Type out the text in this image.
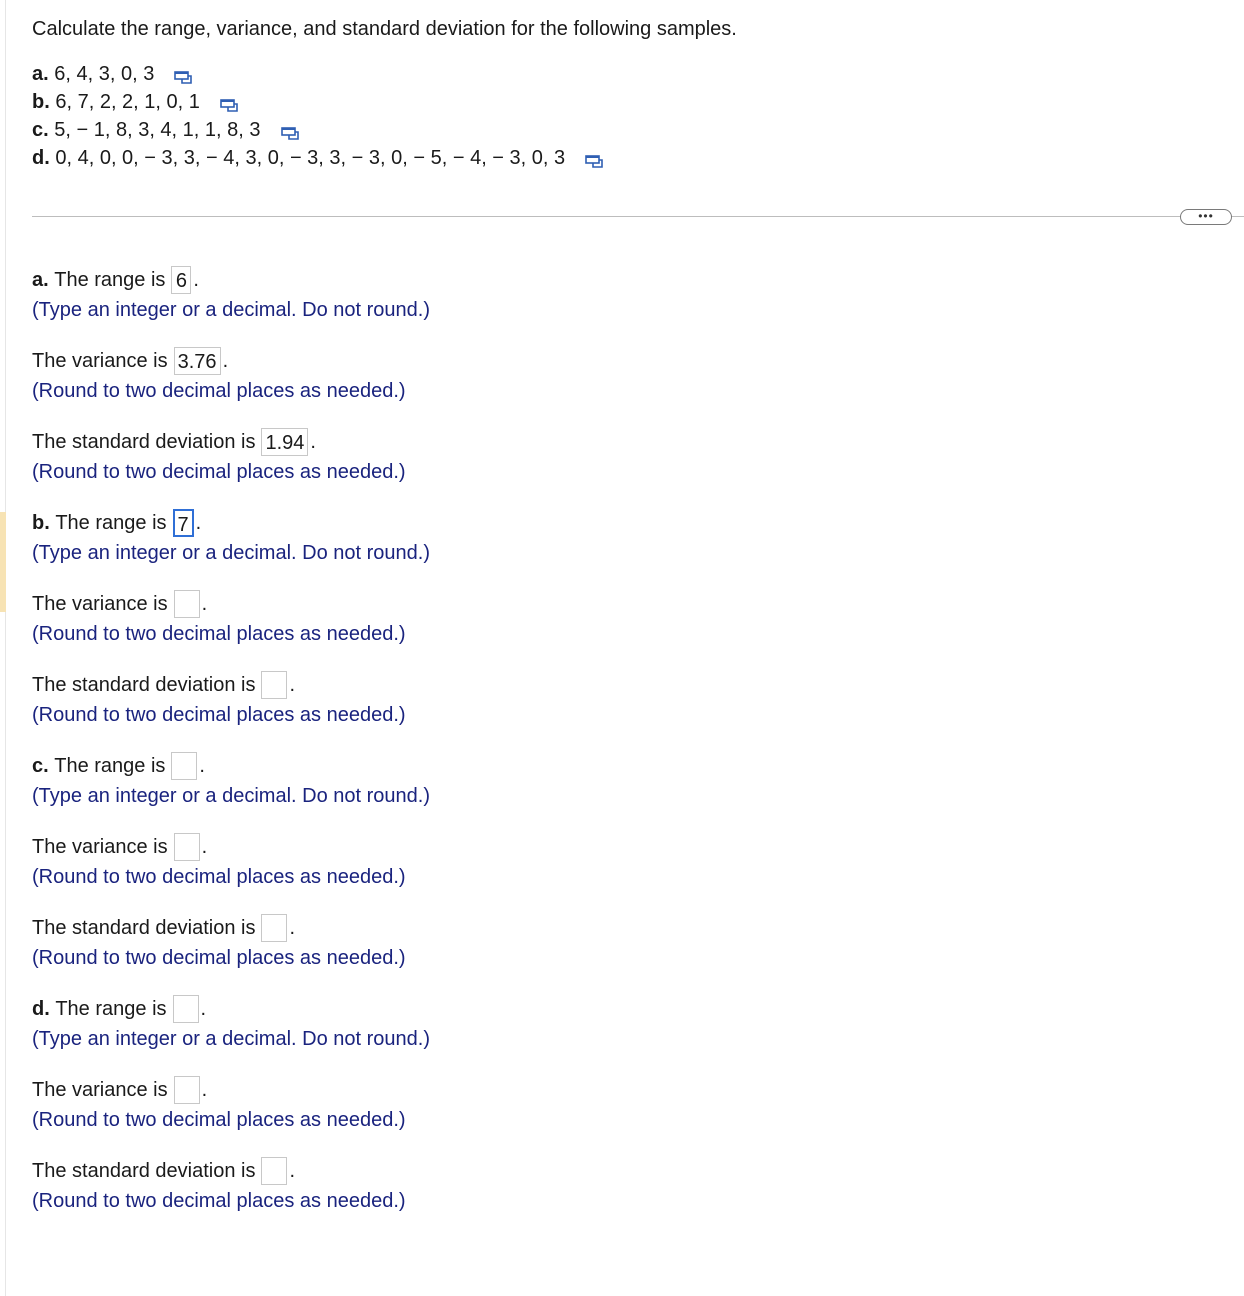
Calculate the range, variance, and standard deviation for the following samples.
a.
6, 4, 3, 0, 3
b.
6, 7, 2, 2, 1, 0, 1
c.
5, − 1, 8, 3, 4, 1, 1, 8, 3
d.
0, 4, 0, 0, − 3, 3, − 4, 3, 0, − 3, 3, − 3, 0, − 5, − 4, − 3, 0, 3
•••
a.
The range is 6 .
(Type an integer or a decimal. Do not round.)
The variance is 3.76 .
(Round to two decimal places as needed.)
The standard deviation is 1.94 .
(Round to two decimal places as needed.)
b.
The range is 7 .
(Type an integer or a decimal. Do not round.)
The variance is .
(Round to two decimal places as needed.)
The standard deviation is .
(Round to two decimal places as needed.)
c.
The range is .
(Type an integer or a decimal. Do not round.)
The variance is .
(Round to two decimal places as needed.)
The standard deviation is .
(Round to two decimal places as needed.)
d.
The range is .
(Type an integer or a decimal. Do not round.)
The variance is .
(Round to two decimal places as needed.)
The standard deviation is .
(Round to two decimal places as needed.)
